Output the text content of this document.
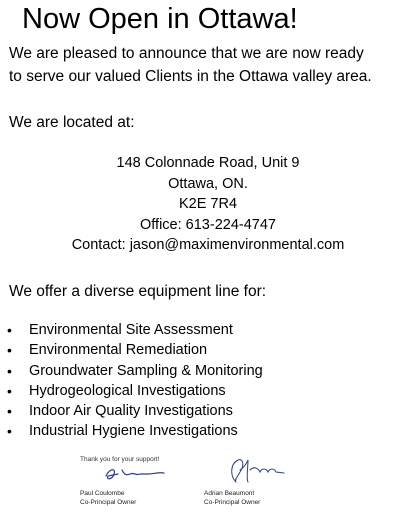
Now Open in Ottawa!
We are pleased to announce that we are now ready
to serve our valued Clients in the Ottawa valley area.
We are located at:
148 Colonnade Road, Unit 9
Ottawa, ON.
K2E 7R4
Office: 613-224-4747
Contact: jason@maximenvironmental.com
We offer a diverse equipment line for:
• Environmental Site Assessment
• Environmental Remediation
• Groundwater Sampling & Monitoring
• Hydrogeological Investigations
• Indoor Air Quality Investigations
• Industrial Hygiene Investigations
Thank you for your support!
Paul Coulombe
Co-Principal Owner
Adrian Beaumont
Co-Principal Owner
